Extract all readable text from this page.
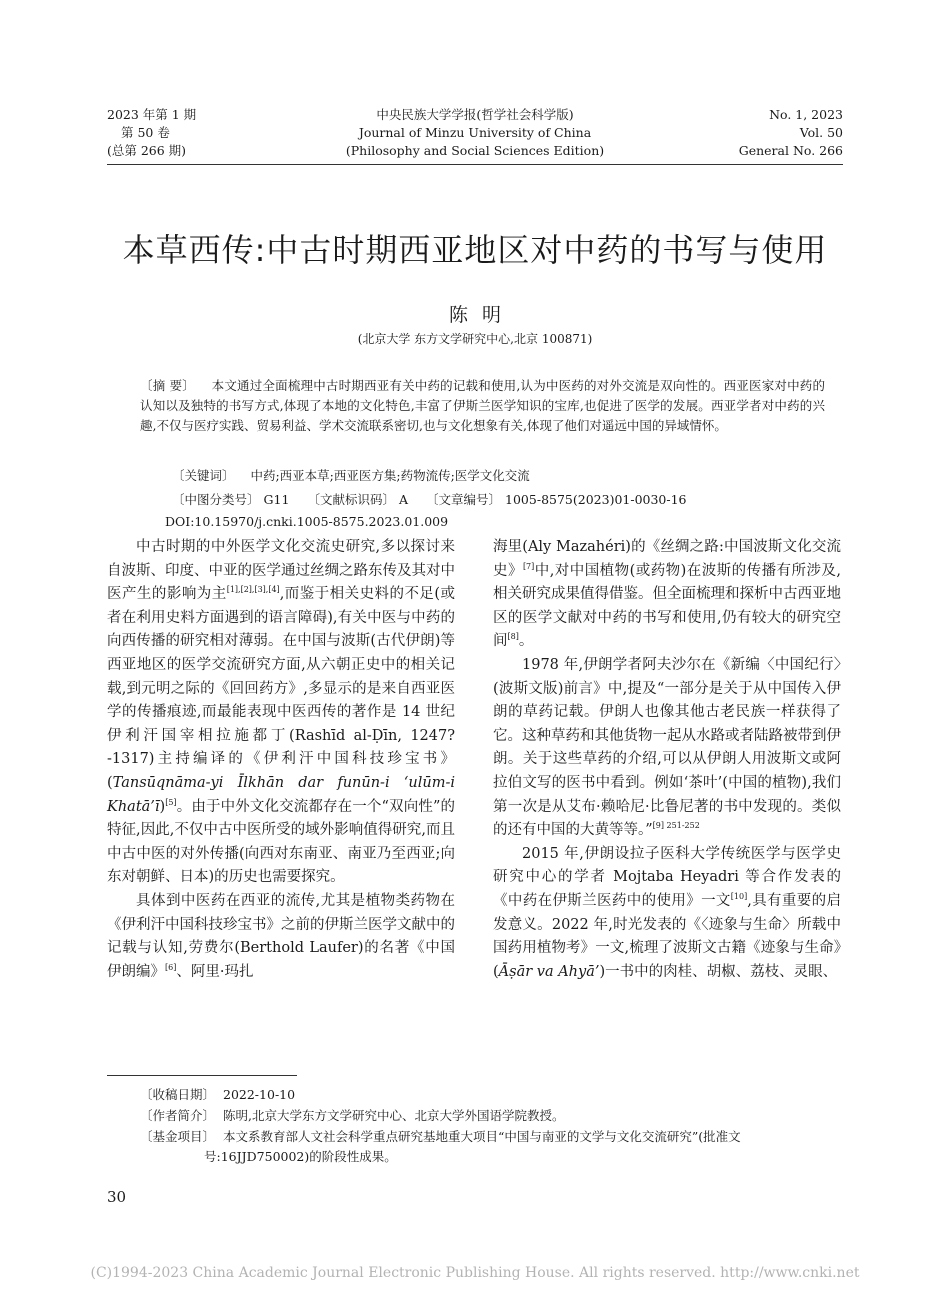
2023 年第 1 期
第 50 卷
(总第 266 期)
中央民族大学学报(哲学社会科学版)
Journal of Minzu University of China
(Philosophy and Social Sciences Edition)
No. 1, 2023
Vol. 50
General No. 266
本草西传:中古时期西亚地区对中药的书写与使用
陈明
(北京大学 东方文学研究中心,北京 100871)
〔 摘 要 〕 本文通过全面梳理中古时期西亚有关中药的记载和使用,认为中医药的对外交流是双向性的。西亚医家对中药的认知以及独特的书写方式,体现了本地的文化特色,丰富了伊斯兰医学知识的宝库,也促进了医学的发展。西亚学者对中药的兴趣,不仅与医疗实践、贸易利益、学术交流联系密切,也与文化想象有关,体现了他们对遥远中国的异域情怀。
〔 关键词 〕 中药;西亚本草;西亚医方集;药物流传;医学文化交流
〔 中图分类号 〕 G11 〔 文献标识码 〕 A 〔 文章编号 〕 1005-8575(2023)01-0030-16
DOI:10.15970/j.cnki.1005-8575.2023.01.009

中古时期的中外医学文化交流史研究,多以探讨来自波斯、印度、中亚的医学通过丝绸之路东传及其对中医产生的影响为主[1],[2],[3],[4],而鉴于相关史料的不足(或者在利用史料方面遇到的语言障碍),有关中医与中药的向西传播的研究相对薄弱。在中国与波斯(古代伊朗)等西亚地区的医学交流研究方面,从六朝正史中的相关记载,到元明之际的《回回药方》,多显示的是来自西亚医学的传播痕迹,而最能表现中医西传的著作是 14 世纪伊利汗国宰相拉施都丁(Rashīd al-Ḍīn, 1247? -1317)主持编译的《伊利汗中国科技珍宝书》(Tansūqnāma-yi Īlkhān dar funūn-i ‘ulūm-i Khatā’ī)[5]。由于中外文化交流都存在一个“双向性”的特征,因此,不仅中古中医所受的域外影响值得研究,而且中古中医的对外传播(向西对东南亚、南亚乃至西亚;向东对朝鲜、日本)的历史也需要探究。

具体到中医药在西亚的流传,尤其是植物类药物在《伊利汗中国科技珍宝书》之前的伊斯兰医学文献中的记载与认知,劳费尔(Berthold Laufer)的名著《中国伊朗编》[6]、阿里·玛扎

海里(Aly Mazahéri)的《丝绸之路:中国波斯文化交流史》[7]中,对中国植物(或药物)在波斯的传播有所涉及,相关研究成果值得借鉴。但全面梳理和探析中古西亚地区的医学文献对中药的书写和使用,仍有较大的研究空间[8]。

1978 年,伊朗学者阿夫沙尔在《新编〈中国纪行〉(波斯文版)前言》中,提及“一部分是关于从中国传入伊朗的草药记载。伊朗人也像其他古老民族一样获得了它。这种草药和其他货物一起从水路或者陆路被带到伊朗。关于这些草药的介绍,可以从伊朗人用波斯文或阿拉伯文写的医书中看到。例如‘茶叶’(中国的植物),我们第一次是从艾布·赖哈尼·比鲁尼著的书中发现的。类似的还有中国的大黄等等。”$^{[9] 251-252}$

2015 年,伊朗设拉子医科大学传统医学与医学史研究中心的学者 Mojtaba Heyadri 等合作发表的《中药在伊斯兰医药中的使用》一文[10],具有重要的启发意义。2022 年,时光发表的《〈迹象与生命〉所载中国药用植物考》一文,梳理了波斯文古籍《迹象与生命》(Āṣār va Ahyā’)一书中的肉桂、胡椒、荔枝、灵眼、

〔 收稿日期 〕 2022-10-10
〔 作者简介 〕 陈明,北京大学东方文学研究中心、北京大学外国语学院教授。
〔 基金项目 〕 本文系教育部人文社会科学重点研究基地重大项目“中国与南亚的文学与文化交流研究”(批准文
号:16JJD750002)的阶段性成果。
30
(C)1994-2023 China Academic Journal Electronic Publishing House. All rights reserved. http://www.cnki.net
